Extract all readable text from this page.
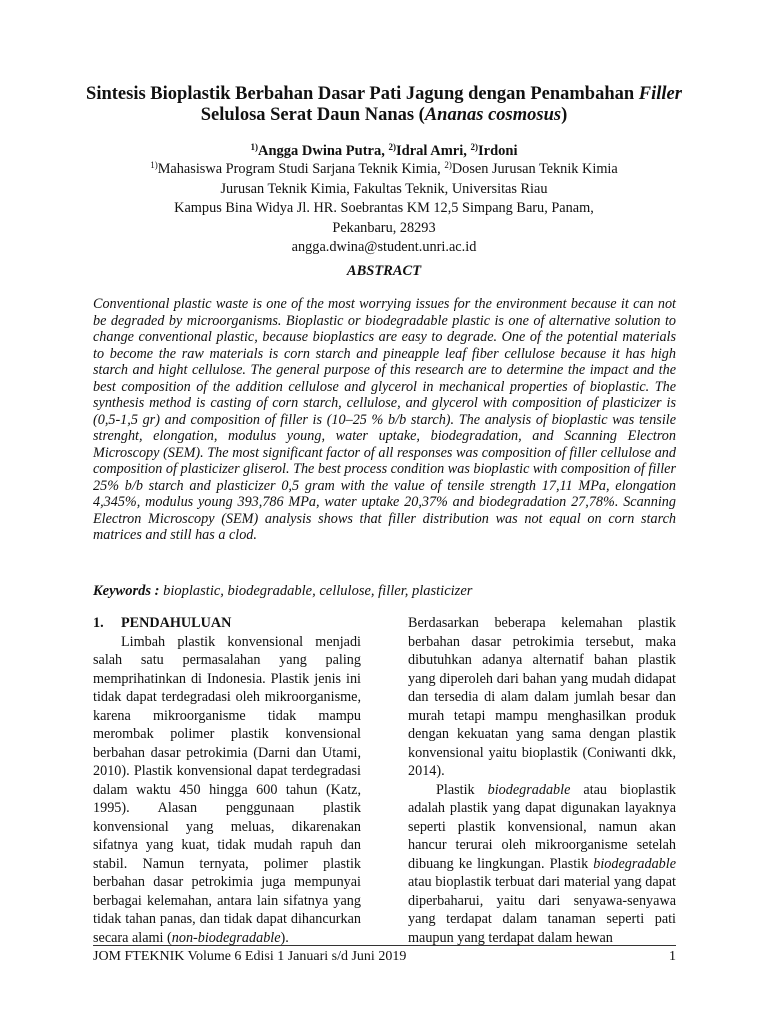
Sintesis Bioplastik Berbahan Dasar Pati Jagung dengan Penambahan Filler
Selulosa Serat Daun Nanas (Ananas cosmosus)
$^{1)}$Angga Dwina Putra, $^{2)}$Idral Amri, $^{2)}$Irdoni
$^{1)}$Mahasiswa Program Studi Sarjana Teknik Kimia, $^{2)}$Dosen Jurusan Teknik Kimia
Jurusan Teknik Kimia, Fakultas Teknik, Universitas Riau
Kampus Bina Widya Jl. HR. Soebrantas KM 12,5 Simpang Baru, Panam,
Pekanbaru, 28293
angga.dwina@student.unri.ac.id
ABSTRACT
Conventional plastic waste is one of the most worrying issues for the environment because it can not be degraded by microorganisms. Bioplastic or biodegradable plastic is one of alternative solution to change conventional plastic, because bioplastics are easy to degrade. One of the potential materials to become the raw materials is corn starch and pineapple leaf fiber cellulose because it has high starch and hight cellulose. The general purpose of this research are to determine the impact and the best composition of the addition cellulose and glycerol in mechanical properties of bioplastic. The synthesis method is casting of corn starch, cellulose, and glycerol with composition of plasticizer is (0,5-1,5 gr) and composition of filler is (10–25 % b/b starch). The analysis of bioplastic was tensile strenght, elongation, modulus young, water uptake, biodegradation, and Scanning Electron Microscopy (SEM). The most significant factor of all responses was composition of filler cellulose and composition of plasticizer gliserol. The best process condition was bioplastic with composition of filler 25% b/b starch and plasticizer 0,5 gram with the value of tensile strength 17,11 MPa, elongation 4,345%, modulus young 393,786 MPa, water uptake 20,37% and biodegradation 27,78%. Scanning Electron Microscopy (SEM) analysis shows that filler distribution was not equal on corn starch matrices and still has a clod.
Keywords : bioplastic, biodegradable, cellulose, filler, plasticizer

1. PENDAHULUAN

Limbah plastik konvensional menjadi salah satu permasalahan yang paling memprihatinkan di Indonesia. Plastik jenis ini tidak dapat terdegradasi oleh mikroorganisme, karena mikroorganisme tidak mampu merombak polimer plastik konvensional berbahan dasar petrokimia (Darni dan Utami, 2010). Plastik konvensional dapat terdegradasi dalam waktu 450 hingga 600 tahun (Katz, 1995). Alasan penggunaan plastik konvensional yang meluas, dikarenakan sifatnya yang kuat, tidak mudah rapuh dan stabil. Namun ternyata, polimer plastik berbahan dasar petrokimia juga mempunyai berbagai kelemahan, antara lain sifatnya yang tidak tahan panas, dan tidak dapat dihancurkan secara alami (non-biodegradable).

Berdasarkan beberapa kelemahan plastik berbahan dasar petrokimia tersebut, maka dibutuhkan adanya alternatif bahan plastik yang diperoleh dari bahan yang mudah didapat dan tersedia di alam dalam jumlah besar dan murah tetapi mampu menghasilkan produk dengan kekuatan yang sama dengan plastik konvensional yaitu bioplastik (Coniwanti dkk, 2014).

Plastik biodegradable atau bioplastik adalah plastik yang dapat digunakan layaknya seperti plastik konvensional, namun akan hancur terurai oleh mikroorganisme setelah dibuang ke lingkungan. Plastik biodegradable atau bioplastik terbuat dari material yang dapat diperbaharui, yaitu dari senyawa-senyawa yang terdapat dalam tanaman seperti pati maupun yang terdapat dalam hewan

JOM FTEKNIK Volume 6 Edisi 1 Januari s/d Juni 2019	1
